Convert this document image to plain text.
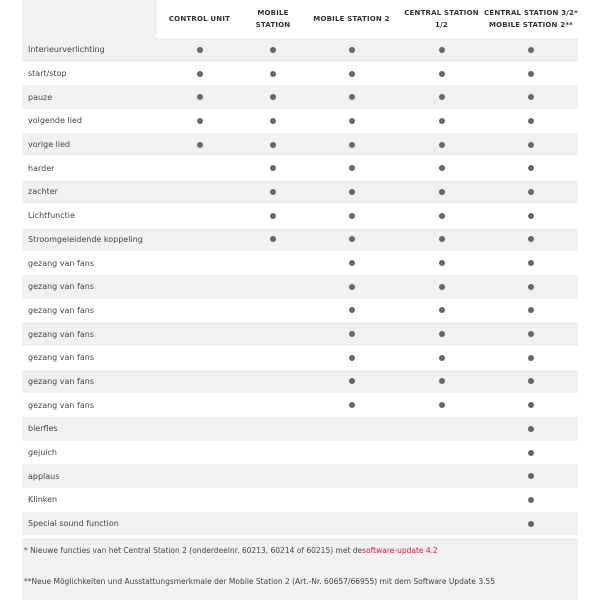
CONTROL UNIT
MOBILE STATION
MOBILE STATION 2
CENTRAL STATION 1/2
CENTRAL STATION 3/2*
MOBILE STATION 2**
Interieurverlichting
start/stop
pauze
volgende lied
vorige lied
harder
zachter
Lichtfunctie
Stroomgeleidende koppeling
gezang van fans
gezang van fans
gezang van fans
gezang van fans
gezang van fans
gezang van fans
gezang van fans
bierfles
gejuich
applaus
Klinken
Special sound function
* Nieuwe functies van het Central Station 2 (onderdeelnr. 60213, 60214 of 60215) met de software-update 4.2
**Neue Möglichkeiten und Ausstattungsmerkmale der Mobile Station 2 (Art.-Nr. 60657/66955) mit dem Software Update 3.55
